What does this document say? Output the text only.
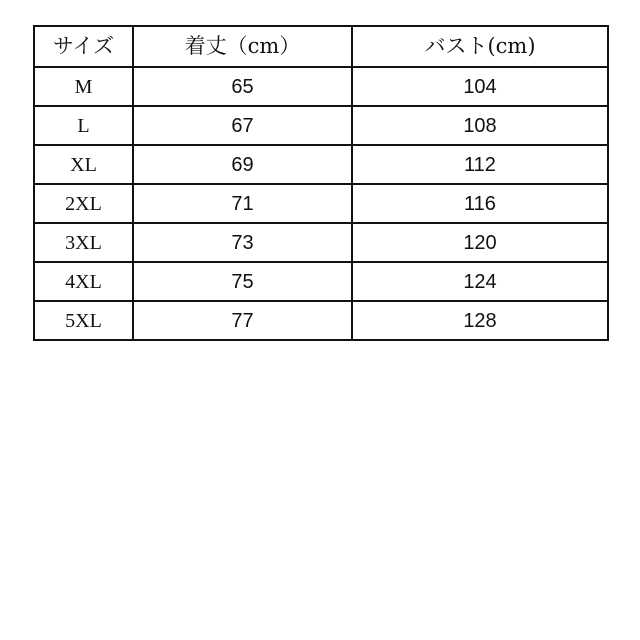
サイズ	着丈（cm）	バスト(cm)
M	65	104
L	67	108
XL	69	112
2XL	71	116
3XL	73	120
4XL	75	124
5XL	77	128
